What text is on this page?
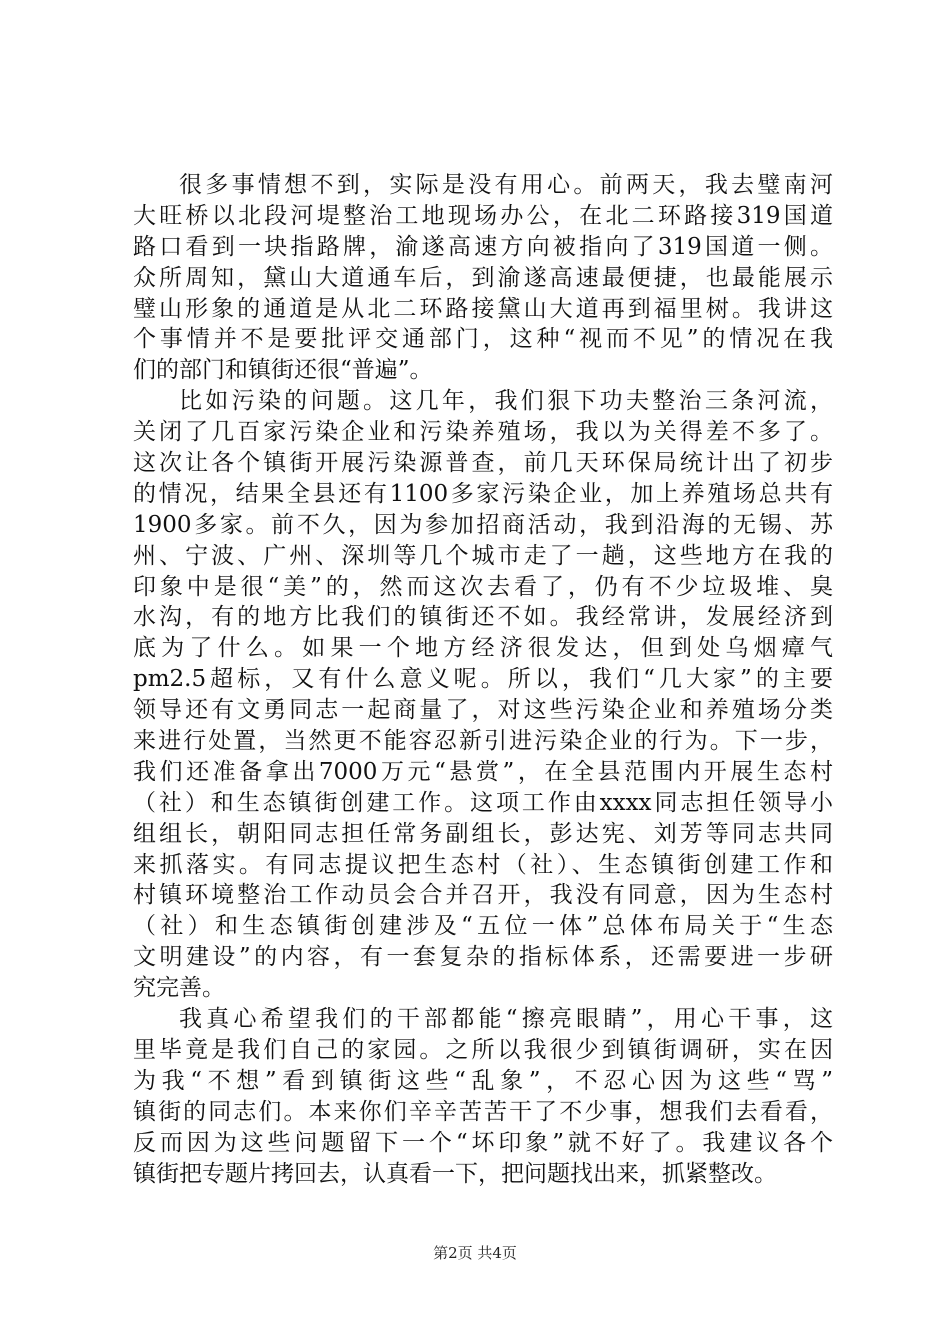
很多事情想不到，实际是没有用心。前两天，我去璧南河
大旺桥以北段河堤整治工地现场办公，在北二环路接319国道
路口看到一块指路牌，渝遂高速方向被指向了319国道一侧。
众所周知，黛山大道通车后，到渝遂高速最便捷，也最能展示
璧山形象的通道是从北二环路接黛山大道再到福里树。我讲这
个事情并不是要批评交通部门，这种“视而不见”的情况在我
们的部门和镇街还很“普遍”。
比如污染的问题。这几年，我们狠下功夫整治三条河流，
关闭了几百家污染企业和污染养殖场，我以为关得差不多了。
这次让各个镇街开展污染源普查，前几天环保局统计出了初步
的情况，结果全县还有1100多家污染企业，加上养殖场总共有
1900多家。前不久，因为参加招商活动，我到沿海的无锡、苏
州、宁波、广州、深圳等几个城市走了一趟，这些地方在我的
印象中是很“美”的，然而这次去看了，仍有不少垃圾堆、臭
水沟，有的地方比我们的镇街还不如。我经常讲，发展经济到
底为了什么。如果一个地方经济很发达，但到处乌烟瘴气
pm2.5超标，又有什么意义呢。所以，我们“几大家”的主要
领导还有文勇同志一起商量了，对这些污染企业和养殖场分类
来进行处置，当然更不能容忍新引进污染企业的行为。下一步，
我们还准备拿出7000万元“悬赏”，在全县范围内开展生态村
（社）和生态镇街创建工作。这项工作由xxxx同志担任领导小
组组长，朝阳同志担任常务副组长，彭达宪、刘芳等同志共同
来抓落实。有同志提议把生态村（社）、生态镇街创建工作和
村镇环境整治工作动员会合并召开，我没有同意，因为生态村
（社）和生态镇街创建涉及“五位一体”总体布局关于“生态
文明建设”的内容，有一套复杂的指标体系，还需要进一步研
究完善。
我真心希望我们的干部都能“擦亮眼睛”，用心干事，这
里毕竟是我们自己的家园。之所以我很少到镇街调研，实在因
为我“不想”看到镇街这些“乱象”，不忍心因为这些“骂”
镇街的同志们。本来你们辛辛苦苦干了不少事，想我们去看看，
反而因为这些问题留下一个“坏印象”就不好了。我建议各个
镇街把专题片拷回去，认真看一下，把问题找出来，抓紧整改。
第2页 共4页
